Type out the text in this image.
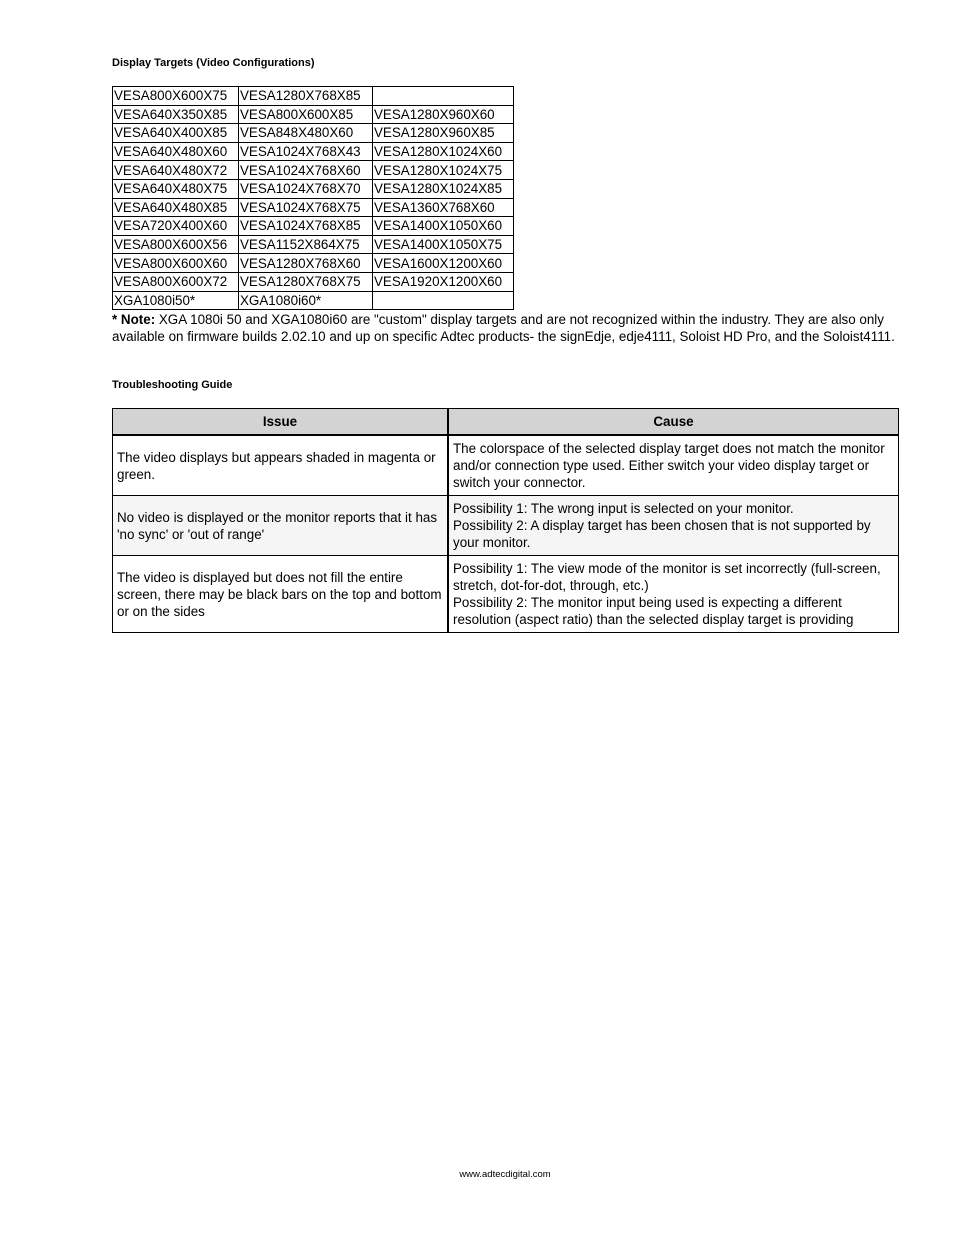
Display Targets (Video Configurations)
VESA800X600X75	VESA1280X768X85	
VESA640X350X85	VESA800X600X85	VESA1280X960X60
VESA640X400X85	VESA848X480X60	VESA1280X960X85
VESA640X480X60	VESA1024X768X43	VESA1280X1024X60
VESA640X480X72	VESA1024X768X60	VESA1280X1024X75
VESA640X480X75	VESA1024X768X70	VESA1280X1024X85
VESA640X480X85	VESA1024X768X75	VESA1360X768X60
VESA720X400X60	VESA1024X768X85	VESA1400X1050X60
VESA800X600X56	VESA1152X864X75	VESA1400X1050X75
VESA800X600X60	VESA1280X768X60	VESA1600X1200X60
VESA800X600X72	VESA1280X768X75	VESA1920X1200X60
XGA1080i50*	XGA1080i60*	

* Note: XGA 1080i 50 and XGA1080i60 are "custom" display targets and are not recognized within the industry. They are also only available on firmware builds 2.02.10 and up on specific Adtec products- the signEdje, edje4111, Soloist HD Pro, and the Soloist4111.

Troubleshooting Guide
Issue	Cause
The video displays but appears shaded in magenta or green.	The colorspace of the selected display target does not match the monitor and/or connection type used. Either switch your video display target or switch your connector.

No video is displayed or the monitor reports that it has 'no sync' or 'out of range'	Possibility 1: The wrong input is selected on your monitor.
Possibility 2: A display target has been chosen that is not supported by your monitor.

The video is displayed but does not fill the entire screen, there may be black bars on the top and bottom or on the sides	Possibility 1: The view mode of the monitor is set incorrectly (full-screen, stretch, dot-for-dot, through, etc.)
Possibility 2: The monitor input being used is expecting a different resolution (aspect ratio) than the selected display target is providing
www.adtecdigital.com
